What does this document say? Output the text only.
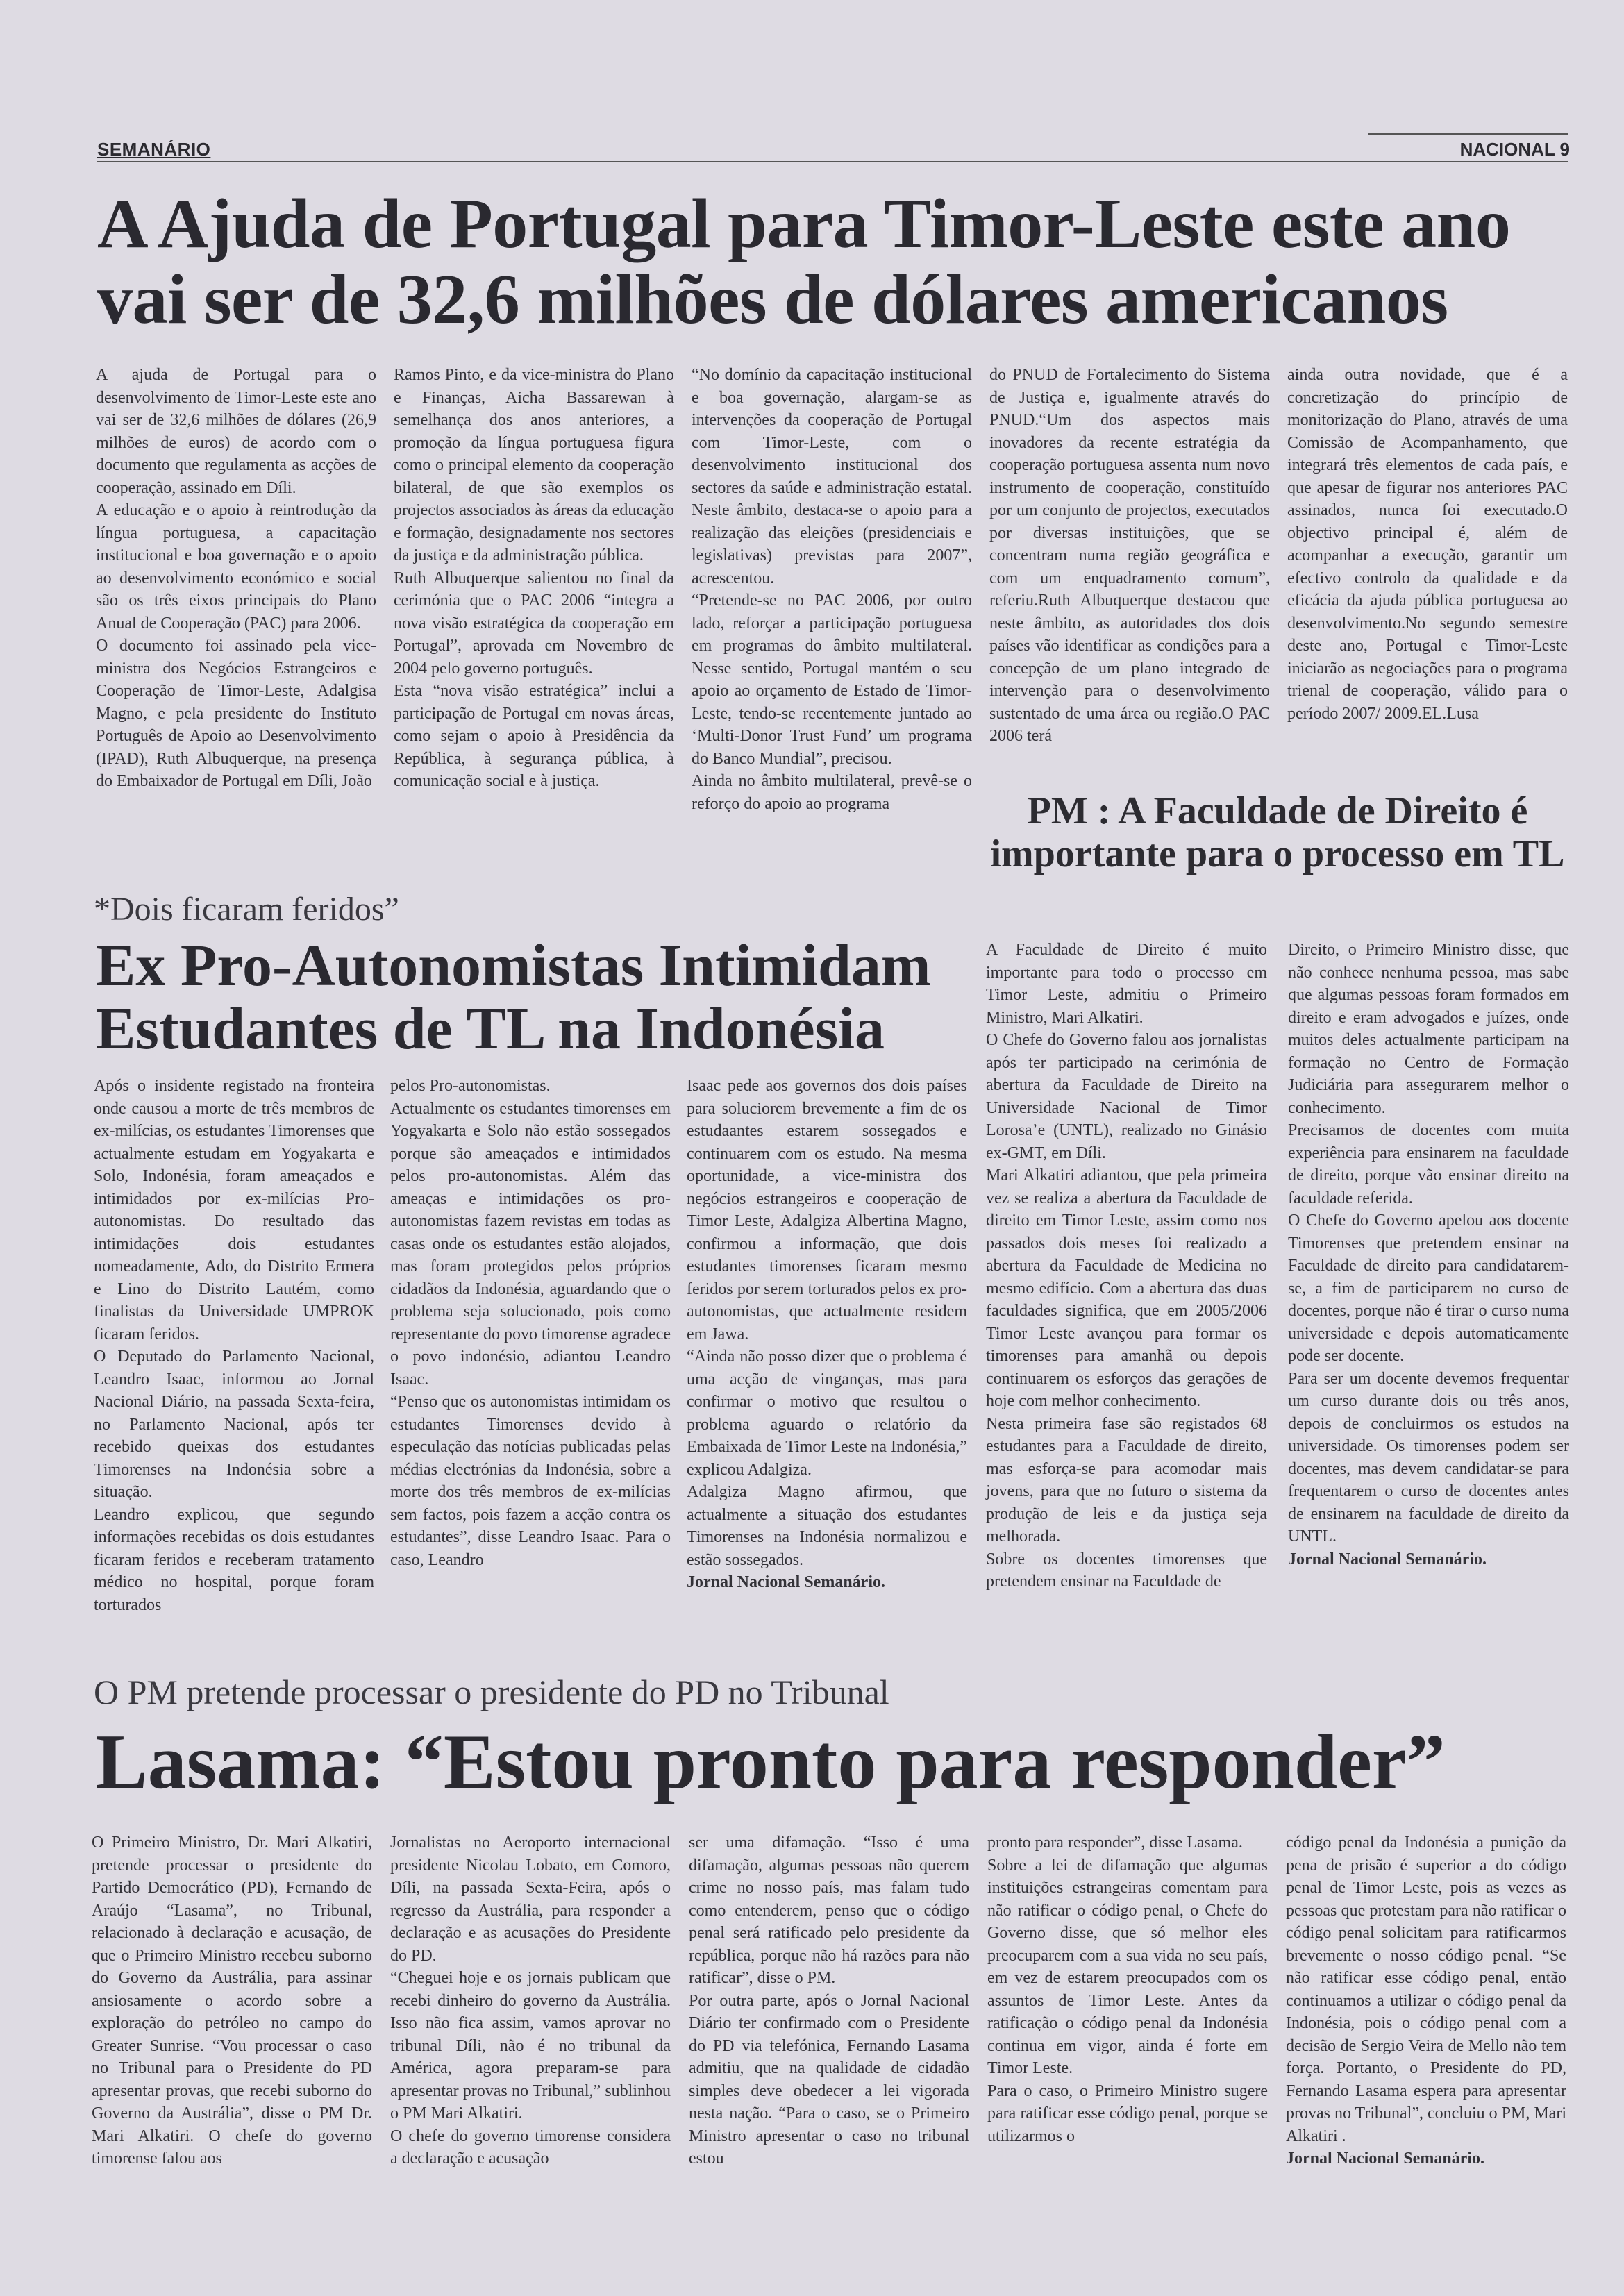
SEMANÁRIO	NACIONAL 9
A Ajuda de Portugal para Timor-Leste este ano vai ser de 32,6 milhões de dólares americanos

A ajuda de Portugal para o desenvolvimento de Timor-Leste este ano vai ser de 32,6 milhões de dólares (26,9 milhões de euros) de acordo com o documento que regulamenta as acções de cooperação, assinado em Díli.
A educação e o apoio à reintrodução da língua portuguesa, a capacitação institucional e boa governação e o apoio ao desenvolvimento económico e social são os três eixos principais do Plano Anual de Cooperação (PAC) para 2006.
O documento foi assinado pela vice-ministra dos Negócios Estrangeiros e Cooperação de Timor-Leste, Adalgisa Magno, e pela presidente do Instituto Português de Apoio ao Desenvolvimento (IPAD), Ruth Albuquerque, na presença do Embaixador de Portugal em Díli, João

Ramos Pinto, e da vice-ministra do Plano e Finanças, Aicha Bassarewan à semelhança dos anos anteriores, a promoção da língua portuguesa figura como o principal elemento da cooperação bilateral, de que são exemplos os projectos associados às áreas da educação e formação, designadamente nos sectores da justiça e da administração pública.
Ruth Albuquerque salientou no final da cerimónia que o PAC 2006 “integra a nova visão estratégica da cooperação em Portugal”, aprovada em Novembro de 2004 pelo governo português.
Esta “nova visão estratégica” inclui a participação de Portugal em novas áreas, como sejam o apoio à Presidência da República, à segurança pública, à comunicação social e à justiça.

“No domínio da capacitação institucional e boa governação, alargam-se as intervenções da cooperação de Portugal com Timor-Leste, com o desenvolvimento institucional dos sectores da saúde e administração estatal. Neste âmbito, destaca-se o apoio para a realização das eleições (presidenciais e legislativas) previstas para 2007”, acrescentou.
“Pretende-se no PAC 2006, por outro lado, reforçar a participação portuguesa em programas do âmbito multilateral. Nesse sentido, Portugal mantém o seu apoio ao orçamento de Estado de Timor- Leste, tendo-se recentemente juntado ao ‘Multi-Donor Trust Fund’ um programa do Banco Mundial”, precisou.
Ainda no âmbito multilateral, prevê-se o reforço do apoio ao programa

do PNUD de Fortalecimento do Sistema de Justiça e, igualmente através do PNUD.“Um dos aspectos mais inovadores da recente estratégia da cooperação portuguesa assenta num novo instrumento de cooperação, constituído por um conjunto de projectos, executados por diversas instituições, que se concentram numa região geográfica e com um enquadramento comum”, referiu.Ruth Albuquerque destacou que neste âmbito, as autoridades dos dois países vão identificar as condições para a concepção de um plano integrado de intervenção para o desenvolvimento sustentado de uma área ou região.O PAC 2006 terá

ainda outra novidade, que é a concretização do princípio de monitorização do Plano, através de uma Comissão de Acompanhamento, que integrará três elementos de cada país, e que apesar de figurar nos anteriores PAC assinados, nunca foi executado.O objectivo principal é, além de acompanhar a execução, garantir um efectivo controlo da qualidade e da eficácia da ajuda pública portuguesa ao desenvolvimento.No segundo semestre deste ano, Portugal e Timor-Leste iniciarão as negociações para o programa trienal de cooperação, válido para o período 2007/ 2009.EL.Lusa

*Dois ficaram feridos”
Ex Pro-Autonomistas Intimidam Estudantes de TL na Indonésia

Após o insidente registado na fronteira onde causou a morte de três membros de ex-milícias, os estudantes Timorenses que actualmente estudam em Yogyakarta e Solo, Indonésia, foram ameaçados e intimidados por ex-milícias Pro-autonomistas. Do resultado das intimidações dois estudantes nomeadamente, Ado, do Distrito Ermera e Lino do Distrito Lautém, como finalistas da Universidade UMPROK ficaram feridos.
O Deputado do Parlamento Nacional, Leandro Isaac, informou ao Jornal Nacional Diário, na passada Sexta-feira, no Parlamento Nacional, após ter recebido queixas dos estudantes Timorenses na Indonésia sobre a situação.
Leandro explicou, que segundo informações recebidas os dois estudantes ficaram feridos e receberam tratamento médico no hospital, porque foram torturados

pelos Pro-autonomistas.
Actualmente os estudantes timorenses em Yogyakarta e Solo não estão sossegados porque são ameaçados e intimidados pelos pro-autonomistas. Além das ameaças e intimidações os pro-autonomistas fazem revistas em todas as casas onde os estudantes estão alojados, mas foram protegidos pelos próprios cidadãos da Indonésia, aguardando que o problema seja solucionado, pois como representante do povo timorense agradece o povo indonésio, adiantou Leandro Isaac.
“Penso que os autonomistas intimidam os estudantes Timorenses devido à especulação das notícias publicadas pelas médias electrónias da Indonésia, sobre a morte dos três membros de ex-milícias sem factos, pois fazem a acção contra os estudantes”, disse Leandro Isaac. Para o caso, Leandro

Isaac pede aos governos dos dois países para soluciorem brevemente a fim de os estudaantes estarem sossegados e continuarem com os estudo. Na mesma oportunidade, a vice-ministra dos negócios estrangeiros e cooperação de Timor Leste, Adalgiza Albertina Magno, confirmou a informação, que dois estudantes timorenses ficaram mesmo feridos por serem torturados pelos ex pro-autonomistas, que actualmente residem em Jawa.
“Ainda não posso dizer que o problema é uma acção de vinganças, mas para confirmar o motivo que resultou o problema aguardo o relatório da Embaixada de Timor Leste na Indonésia,” explicou Adalgiza.
Adalgiza Magno afirmou, que actualmente a situação dos estudantes Timorenses na Indonésia normalizou e estão sossegados.

Jornal Nacional Semanário.

PM : A Faculdade de Direito é importante para o processo em TL

A Faculdade de Direito é muito importante para todo o processo em Timor Leste, admitiu o Primeiro Ministro, Mari Alkatiri.
O Chefe do Governo falou aos jornalistas após ter participado na cerimónia de abertura da Faculdade de Direito na Universidade Nacional de Timor Lorosa’e (UNTL), realizado no Ginásio ex-GMT, em Díli.
Mari Alkatiri adiantou, que pela primeira vez se realiza a abertura da Faculdade de direito em Timor Leste, assim como nos passados dois meses foi realizado a abertura da Faculdade de Medicina no mesmo edifício. Com a abertura das duas faculdades significa, que em 2005/2006 Timor Leste avançou para formar os timorenses para amanhã ou depois continuarem os esforços das gerações de hoje com melhor conhecimento.
Nesta primeira fase são registados 68 estudantes para a Faculdade de direito, mas esforça-se para acomodar mais jovens, para que no futuro o sistema da produção de leis e da justiça seja melhorada.
Sobre os docentes timorenses que pretendem ensinar na Faculdade de

Direito, o Primeiro Ministro disse, que não conhece nenhuma pessoa, mas sabe que algumas pessoas foram formados em direito e eram advogados e juízes, onde muitos deles actualmente participam na formação no Centro de Formação Judiciária para assegurarem melhor o conhecimento.
Precisamos de docentes com muita experiência para ensinarem na faculdade de direito, porque vão ensinar direito na faculdade referida.
O Chefe do Governo apelou aos docente Timorenses que pretendem ensinar na Faculdade de direito para candidatarem-se, a fim de participarem no curso de docentes, porque não é tirar o curso numa universidade e depois automaticamente pode ser docente.
Para ser um docente devemos frequentar um curso durante dois ou três anos, depois de concluirmos os estudos na universidade. Os timorenses podem ser docentes, mas devem candidatar-se para frequentarem o curso de docentes antes de ensinarem na faculdade de direito da UNTL.

Jornal Nacional Semanário.

O PM pretende processar o presidente do PD no Tribunal
Lasama: “Estou pronto para responder”

O Primeiro Ministro, Dr. Mari Alkatiri, pretende processar o presidente do Partido Democrático (PD), Fernando de Araújo “Lasama”, no Tribunal, relacionado à declaração e acusação, de que o Primeiro Ministro recebeu suborno do Governo da Austrália, para assinar ansiosamente o acordo sobre a exploração do petróleo no campo do Greater Sunrise. “Vou processar o caso no Tribunal para o Presidente do PD apresentar provas, que recebi suborno do Governo da Austrália”, disse o PM Dr. Mari Alkatiri. O chefe do governo timorense falou aos

Jornalistas no Aeroporto internacional presidente Nicolau Lobato, em Comoro, Díli, na passada Sexta-Feira, após o regresso da Austrália, para responder a declaração e as acusações do Presidente do PD.
“Cheguei hoje e os jornais publicam que recebi dinheiro do governo da Austrália. Isso não fica assim, vamos aprovar no tribunal Díli, não é no tribunal da América, agora preparam-se para apresentar provas no Tribunal,” sublinhou o PM Mari Alkatiri.
O chefe do governo timorense considera a declaração e acusação

ser uma difamação. “Isso é uma difamação, algumas pessoas não querem crime no nosso país, mas falam tudo como entenderem, penso que o código penal será ratificado pelo presidente da república, porque não há razões para não ratificar”, disse o PM.
Por outra parte, após o Jornal Nacional Diário ter confirmado com o Presidente do PD via telefónica, Fernando Lasama admitiu, que na qualidade de cidadão simples deve obedecer a lei vigorada nesta nação. “Para o caso, se o Primeiro Ministro apresentar o caso no tribunal estou

pronto para responder”, disse Lasama.
Sobre a lei de difamação que algumas instituições estrangeiras comentam para não ratificar o código penal, o Chefe do Governo disse, que só melhor eles preocuparem com a sua vida no seu país, em vez de estarem preocupados com os assuntos de Timor Leste. Antes da ratificação o código penal da Indonésia continua em vigor, ainda é forte em Timor Leste.
Para o caso, o Primeiro Ministro sugere para ratificar esse código penal, porque se utilizarmos o

código penal da Indonésia a punição da pena de prisão é superior a do código penal de Timor Leste, pois as vezes as pessoas que protestam para não ratificar o código penal solicitam para ratificarmos brevemente o nosso código penal. “Se não ratificar esse código penal, então continuamos a utilizar o código penal da Indonésia, pois o código penal com a decisão de Sergio Veira de Mello não tem força. Portanto, o Presidente do PD, Fernando Lasama espera para apresentar provas no Tribunal”, concluiu o PM, Mari Alkatiri .

Jornal Nacional Semanário.
